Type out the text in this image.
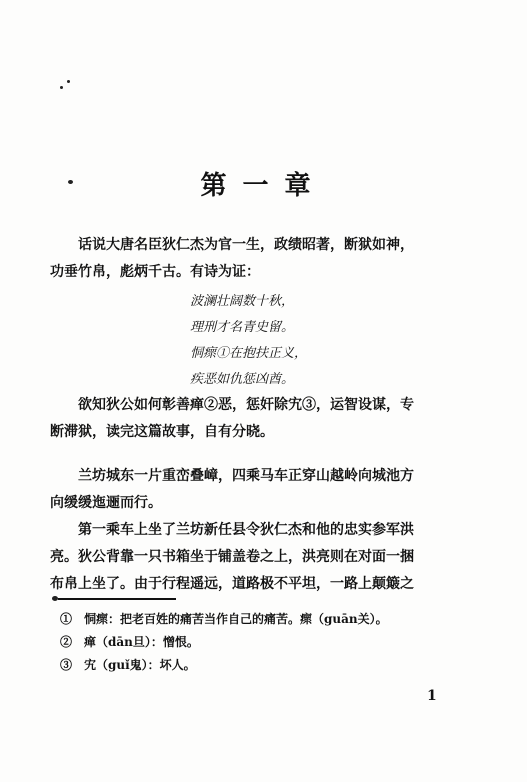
第一章
话说大唐名臣狄仁杰为官一生，政绩昭著，断狱如神，
功垂竹帛，彪炳千古。有诗为证：
波澜壮阔数十秋，
理刑才名青史留。
恫瘝①在抱扶正义，
疾恶如仇惩凶酋。
欲知狄公如何彰善瘅②恶，惩奸除宄③，运智设谋，专
断滞狱，读完这篇故事，自有分晓。
兰坊城东一片重峦叠嶂，四乘马车正穿山越岭向城池方
向缓缓迤逦而行。
第一乘车上坐了兰坊新任县令狄仁杰和他的忠实参军洪
亮。狄公背靠一只书箱坐于铺盖卷之上，洪亮则在对面一捆
布帛上坐了。由于行程遥远，道路极不平坦，一路上颠簸之
①　恫瘝：把老百姓的痛苦当作自己的痛苦。瘝（guān关）。
②　瘅（dān旦）：憎恨。
③　宄（guǐ鬼）：坏人。
1
